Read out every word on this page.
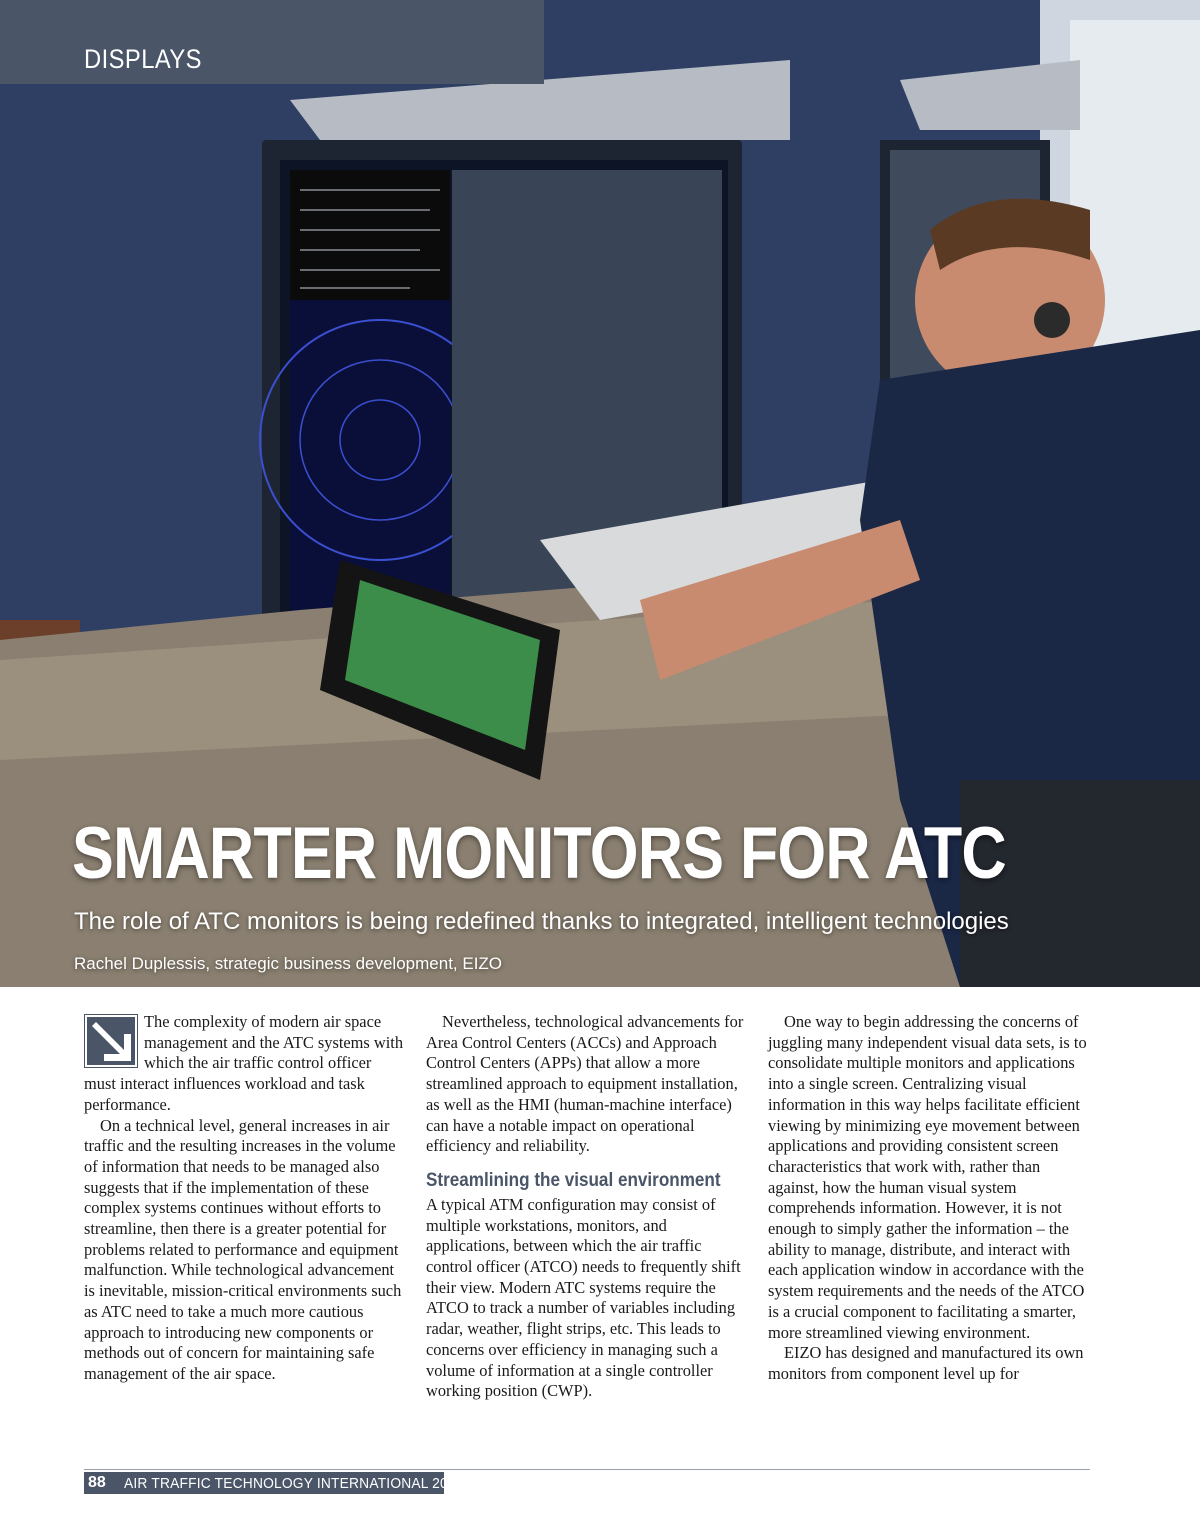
DISPLAYS
SMARTER MONITORS FOR ATC
The role of ATC monitors is being redefined thanks to integrated, intelligent technologies
Rachel Duplessis, strategic business development, EIZO

The complexity of modern air space management and the ATC systems with which the air traffic control officer must interact influences workload and task performance.

On a technical level, general increases in air traffic and the resulting increases in the volume of information that needs to be managed also suggests that if the implementation of these complex systems continues without efforts to streamline, then there is a greater potential for problems related to performance and equipment malfunction. While technological advancement is inevitable, mission-critical environments such as ATC need to take a much more cautious approach to introducing new components or methods out of concern for maintaining safe management of the air space.

Nevertheless, technological advancements for Area Control Centers (ACCs) and Approach Control Centers (APPs) that allow a more streamlined approach to equipment installation, as well as the HMI (human-machine interface) can have a notable impact on operational efficiency and reliability.

Streamlining the visual environment

A typical ATM configuration may consist of multiple workstations, monitors, and applications, between which the air traffic control officer (ATCO) needs to frequently shift their view. Modern ATC systems require the ATCO to track a number of variables including radar, weather, flight strips, etc. This leads to concerns over efficiency in managing such a volume of information at a single controller working position (CWP).

One way to begin addressing the concerns of juggling many independent visual data sets, is to consolidate multiple monitors and applications into a single screen. Centralizing visual information in this way helps facilitate efficient viewing by minimizing eye movement between applications and providing consistent screen characteristics that work with, rather than against, how the human visual system comprehends information. However, it is not enough to simply gather the information – the ability to manage, distribute, and interact with each application window in accordance with the system requirements and the needs of the ATCO is a crucial component to facilitating a smarter, more streamlined viewing environment.

EIZO has designed and manufactured its own monitors from component level up for

88 AIR TRAFFIC TECHNOLOGY INTERNATIONAL 2022
